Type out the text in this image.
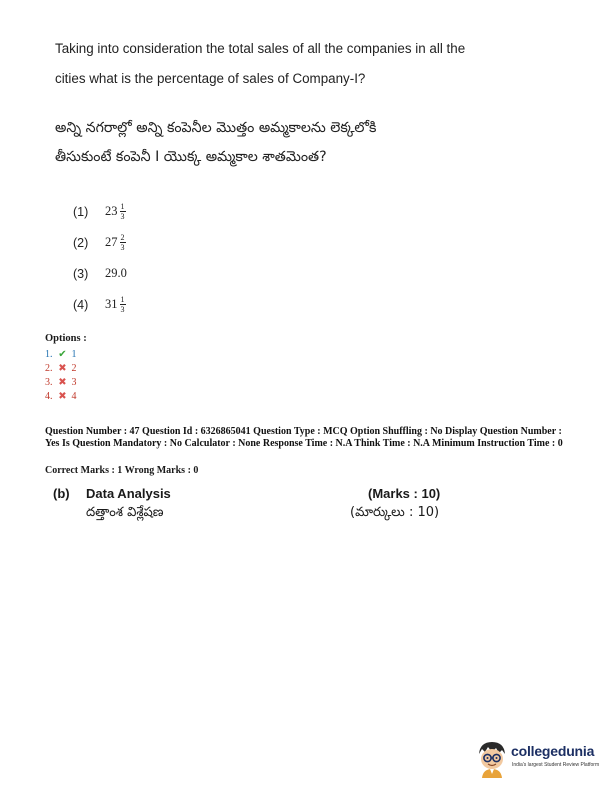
Taking into consideration the total sales of all the companies in all the
cities what is the percentage of sales of Company-I?
అన్ని నగరాల్లో అన్ని కంపెనీల మొత్తం అమ్మకాలను లెక్కలోకి
తీసుకుంటే కంపెనీ I యొక్క అమ్మకాల శాతమెంత?
(1)	$23 \frac{1}{3}$
(2)	$27 \frac{2}{3}$
(3)	29.0
(4)	$31 \frac{1}{3}$
Options :
1. ✔ 1
2. ✖ 2
3. ✖ 3
4. ✖ 4
Question Number : 47 Question Id : 6326865041 Question Type : MCQ Option Shuffling : No Display Question Number : Yes Is Question Mandatory : No Calculator : None Response Time : N.A Think Time : N.A Minimum Instruction Time : 0
Correct Marks : 1 Wrong Marks : 0
(b) Data Analysis
దత్తాంశ విశ్లేషణ
(Marks : 10)
(మార్కులు : 10)
collegedunia
India's largest Student Review Platform
